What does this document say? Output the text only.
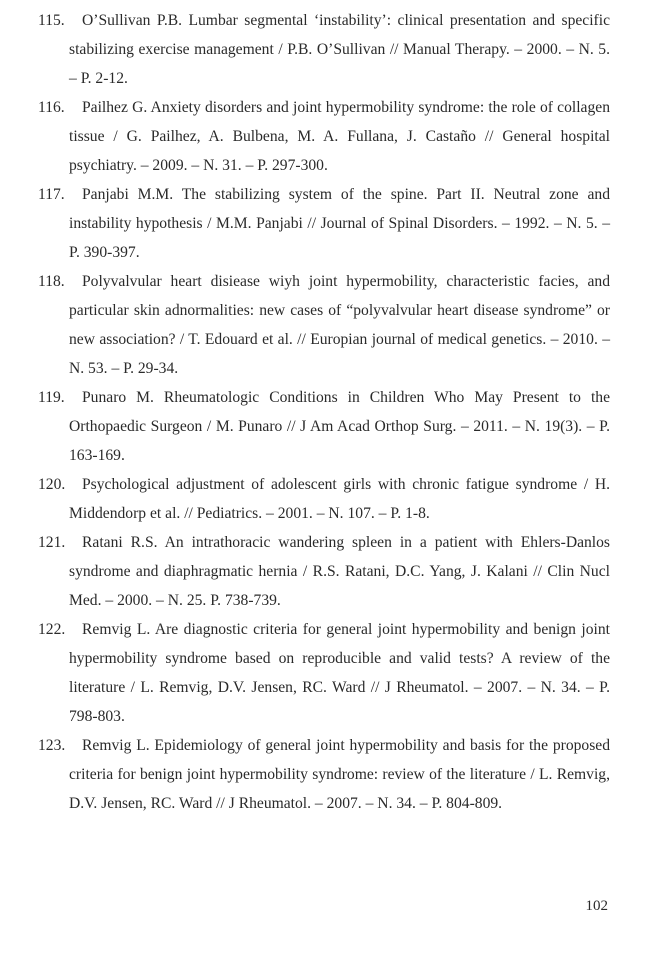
115. O’Sullivan P.B. Lumbar segmental ‘instability’: clinical presentation and specific stabilizing exercise management / P.B. O’Sullivan // Manual Therapy. – 2000. – N. 5. – P. 2-12.

116. Pailhez G. Anxiety disorders and joint hypermobility syndrome: the role of collagen tissue / G. Pailhez, A. Bulbena, M. A. Fullana, J. Castaño // General hospital psychiatry. – 2009. – N. 31. – P. 297-300.

117. Panjabi M.M. The stabilizing system of the spine. Part II. Neutral zone and instability hypothesis / M.M. Panjabi // Journal of Spinal Disorders. – 1992. – N. 5. – P. 390-397.

118. Polyvalvular heart disiease wiyh joint hypermobility, characteristic facies, and particular skin adnormalities: new cases of “polyvalvular heart disease syndrome” or new association? / T. Edouard et al. // Europian journal of medical genetics. – 2010. – N. 53. – P. 29-34.

119. Punaro M. Rheumatologic Conditions in Children Who May Present to the Orthopaedic Surgeon / M. Punaro // J Am Acad Orthop Surg. – 2011. – N. 19(3). – P. 163-169.

120. Psychological adjustment of adolescent girls with chronic fatigue syndrome / H. Middendorp et al. // Pediatrics. – 2001. – N. 107. – P. 1-8.

121. Ratani R.S. An intrathoracic wandering spleen in a patient with Ehlers-Danlos syndrome and diaphragmatic hernia / R.S. Ratani, D.C. Yang, J. Kalani // Clin Nucl Med. – 2000. – N. 25. P. 738-739.

122. Remvig L. Are diagnostic criteria for general joint hypermobility and benign joint hypermobility syndrome based on reproducible and valid tests? A review of the literature / L. Remvig, D.V. Jensen, RC. Ward // J Rheumatol. – 2007. – N. 34. – P. 798-803.

123. Remvig L. Epidemiology of general joint hypermobility and basis for the proposed criteria for benign joint hypermobility syndrome: review of the literature / L. Remvig, D.V. Jensen, RC. Ward // J Rheumatol. – 2007. – N. 34. – P. 804-809.

102
